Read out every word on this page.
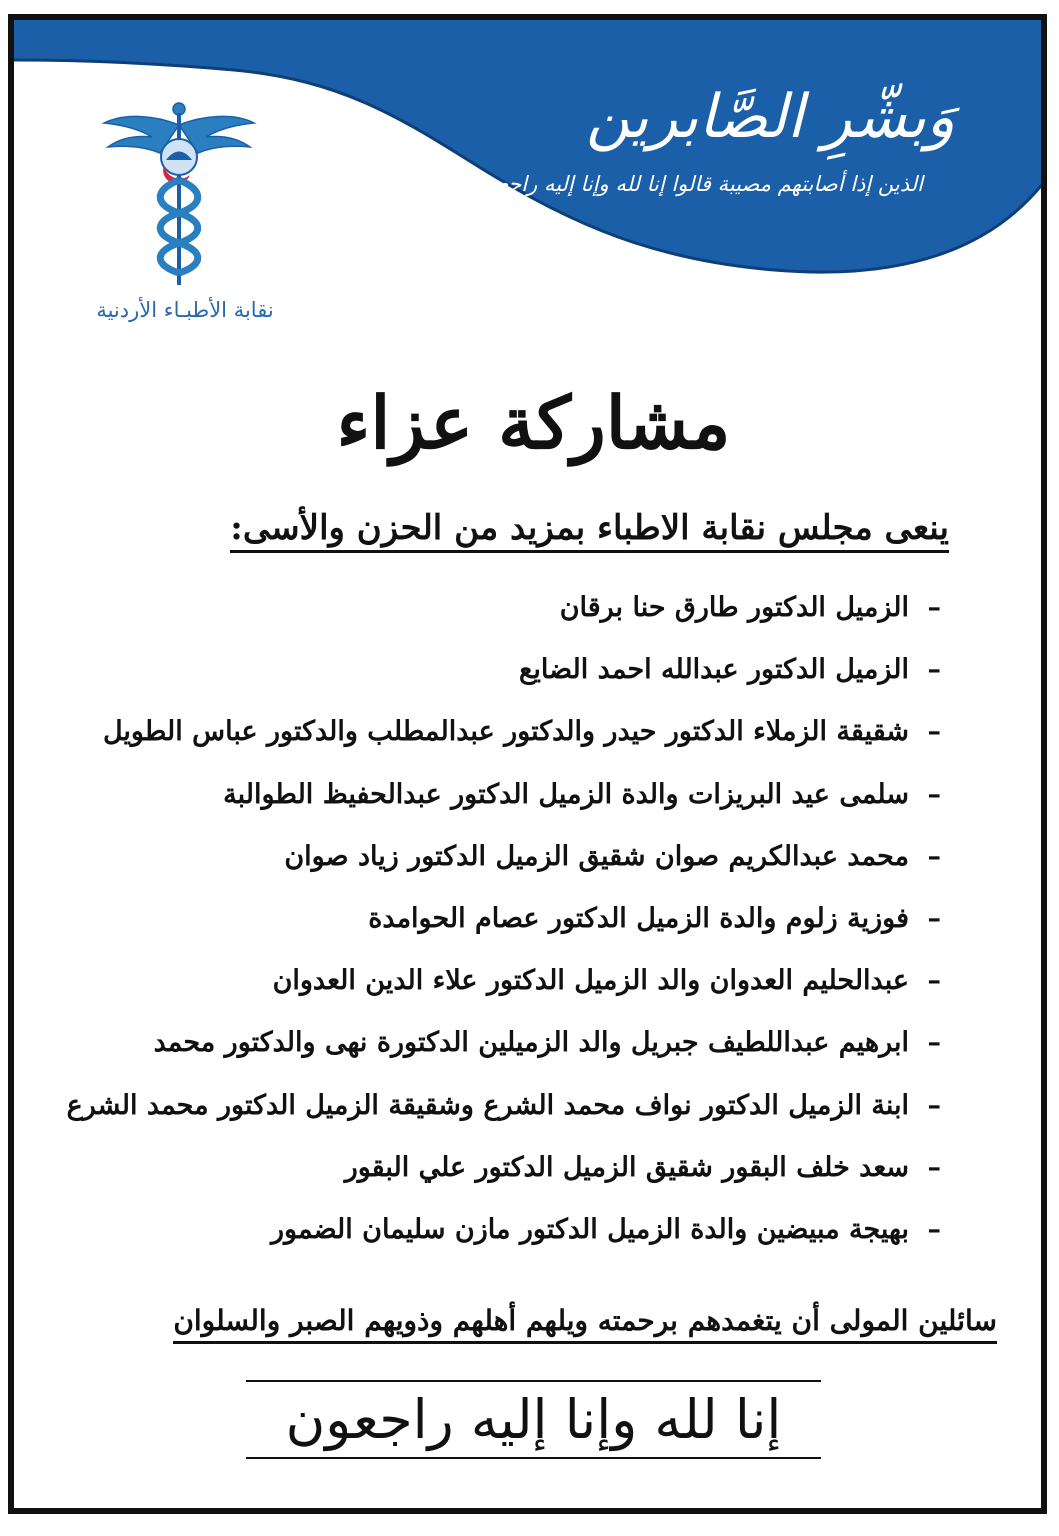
وَبشّرِ الصَّابرين
الذين إذا أصابتهم مصيبة قالوا إنا لله وإنا إليه راجعون
نقابة الأطبـاء الأردنية
مشاركة عزاء
ينعى مجلس نقابة الاطباء بمزيد من الحزن والأسى:
–الزميل الدكتور طارق حنا برقان
–الزميل الدكتور عبدالله احمد الضايع
–شقيقة الزملاء الدكتور حيدر والدكتور عبدالمطلب والدكتور عباس الطويل
–سلمى عيد البريزات والدة الزميل الدكتور عبدالحفيظ الطوالبة
–محمد عبدالكريم صوان شقيق الزميل الدكتور زياد صوان
–فوزية زلوم والدة الزميل الدكتور عصام الحوامدة
–عبدالحليم العدوان والد الزميل الدكتور علاء الدين العدوان
–ابرهيم عبداللطيف جبريل والد الزميلين الدكتورة نهى والدكتور محمد
–ابنة الزميل الدكتور نواف محمد الشرع وشقيقة الزميل الدكتور محمد الشرع
–سعد خلف البقور شقيق الزميل الدكتور علي البقور
–بهيجة مبيضين والدة الزميل الدكتور مازن سليمان الضمور
سائلين المولى أن يتغمدهم برحمته ويلهم أهلهم وذويهم الصبر والسلوان
إنا لله وإنا إليه راجعون
